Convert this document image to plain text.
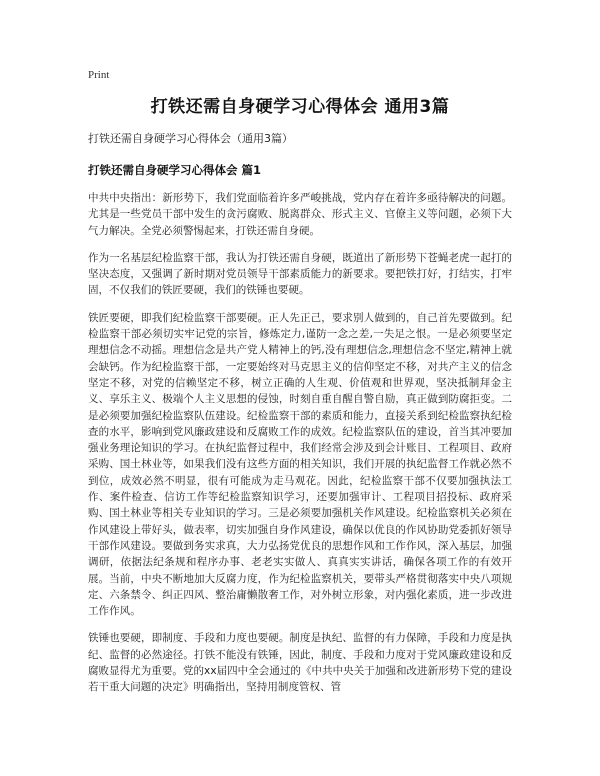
Print
打铁还需自身硬学习心得体会 通用3篇
打铁还需自身硬学习心得体会（通用3篇）
打铁还需自身硬学习心得体会 篇1

中共中央指出：新形势下，我们党面临着许多严峻挑战，党内存在着许多亟待解决的问题。尤其是一些党员干部中发生的贪污腐败、脱离群众、形式主义、官僚主义等问题，必须下大气力解决。全党必须警惕起来，打铁还需自身硬。

作为一名基层纪检监察干部，我认为打铁还需自身硬，既道出了新形势下苍蝇老虎一起打的坚决态度，又强调了新时期对党员领导干部素质能力的新要求。要把铁打好，打结实，打牢固，不仅我们的铁匠要硬，我们的铁锤也要硬。

铁匠要硬，即我们纪检监察干部要硬。正人先正己，要求别人做到的，自己首先要做到。纪检监察干部必须切实牢记党的宗旨，修炼定力,谨防一念之差,一失足之恨。一是必须要坚定理想信念不动摇。理想信念是共产党人精神上的钙,没有理想信念,理想信念不坚定,精神上就会缺钙。作为纪检监察干部，一定要始终对马克思主义的信仰坚定不移，对共产主义的信念坚定不移，对党的信赖坚定不移，树立正确的人生观、价值观和世界观，坚决抵制拜金主义、享乐主义、极端个人主义思想的侵蚀，时刻自重自醒自警自励，真正做到防腐拒变。二是必须要加强纪检监察队伍建设。纪检监察干部的素质和能力，直接关系到纪检监察执纪检查的水平，影响到党风廉政建设和反腐败工作的成效。纪检监察队伍的建设，首当其冲要加强业务理论知识的学习。在执纪监督过程中，我们经常会涉及到会计账目、工程项目、政府采购、国土林业等，如果我们没有这些方面的相关知识，我们开展的执纪监督工作就必然不到位，成效必然不明显，很有可能成为走马观花。因此，纪检监察干部不仅要加强执法工作、案件检查、信访工作等纪检监察知识学习，还要加强审计、工程项目招投标、政府采购、国土林业等相关专业知识的学习。三是必须要加强机关作风建设。纪检监察机关必须在作风建设上带好头，做表率，切实加强自身作风建设，确保以优良的作风协助党委抓好领导干部作风建设。要做到务实求真，大力弘扬党优良的思想作风和工作作风，深入基层，加强调研，依据法纪条规和程序办事、老老实实做人、真真实实讲话，确保各项工作的有效开展。当前，中央不断地加大反腐力度，作为纪检监察机关，要带头严格贯彻落实中央八项规定、六条禁令、纠正四风、整治庸懒散奢工作，对外树立形象，对内强化素质，进一步改进工作作风。

铁锤也要硬，即制度、手段和力度也要硬。制度是执纪、监督的有力保障，手段和力度是执纪、监督的必然途径。打铁不能没有铁锤，因此，制度、手段和力度对于党风廉政建设和反腐败显得尤为重要。党的xx届四中全会通过的《中共中央关于加强和改进新形势下党的建设若干重大问题的决定》明确指出，坚持用制度管权、管
